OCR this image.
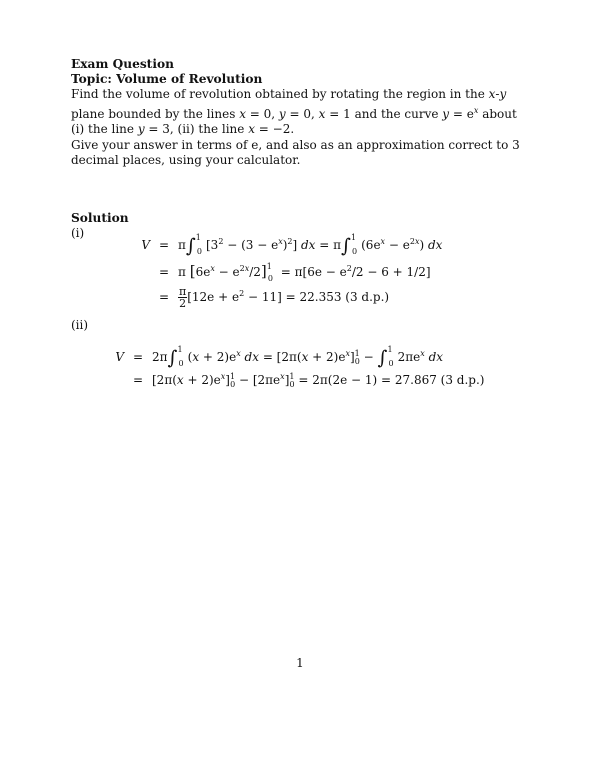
Exam Question
Topic: Volume of Revolution
Find the volume of revolution obtained by rotating the region in the x-y
plane bounded by the lines x = 0, y = 0, x = 1 and the curve $y = e^x$ about
(i) the line y = 3, (ii) the line x = −2.
Give your answer in terms of e, and also as an approximation correct to 3
decimal places, using your calculator.
Solution
(i)
V = π∫$^1_0$ $[3^2 - (3 - e^x)^2]$ dx = π∫$^1_0$ $(6e^x - e^{2x})$ dx
= π $[6e^x - e^{2x}/2]^1_0 = \pi[6e - e^2/2 - 6 + 1/2]$
= $\frac{\pi}{2} [12e + e^2 - 11] = 22.353$ (3 d.p.)
(ii)
V = 2π∫$^1_0$ $(x + 2)e^x$ dx = $[2\pi(x + 2)e^x]^1_0 - \int^1_0$ $2\pi e^x$ dx
= $[2\pi(x + 2)e^x]^1_0 - [2\pi e^x]^1_0 = 2\pi(2e - 1) = 27.867$ (3 d.p.)
1
